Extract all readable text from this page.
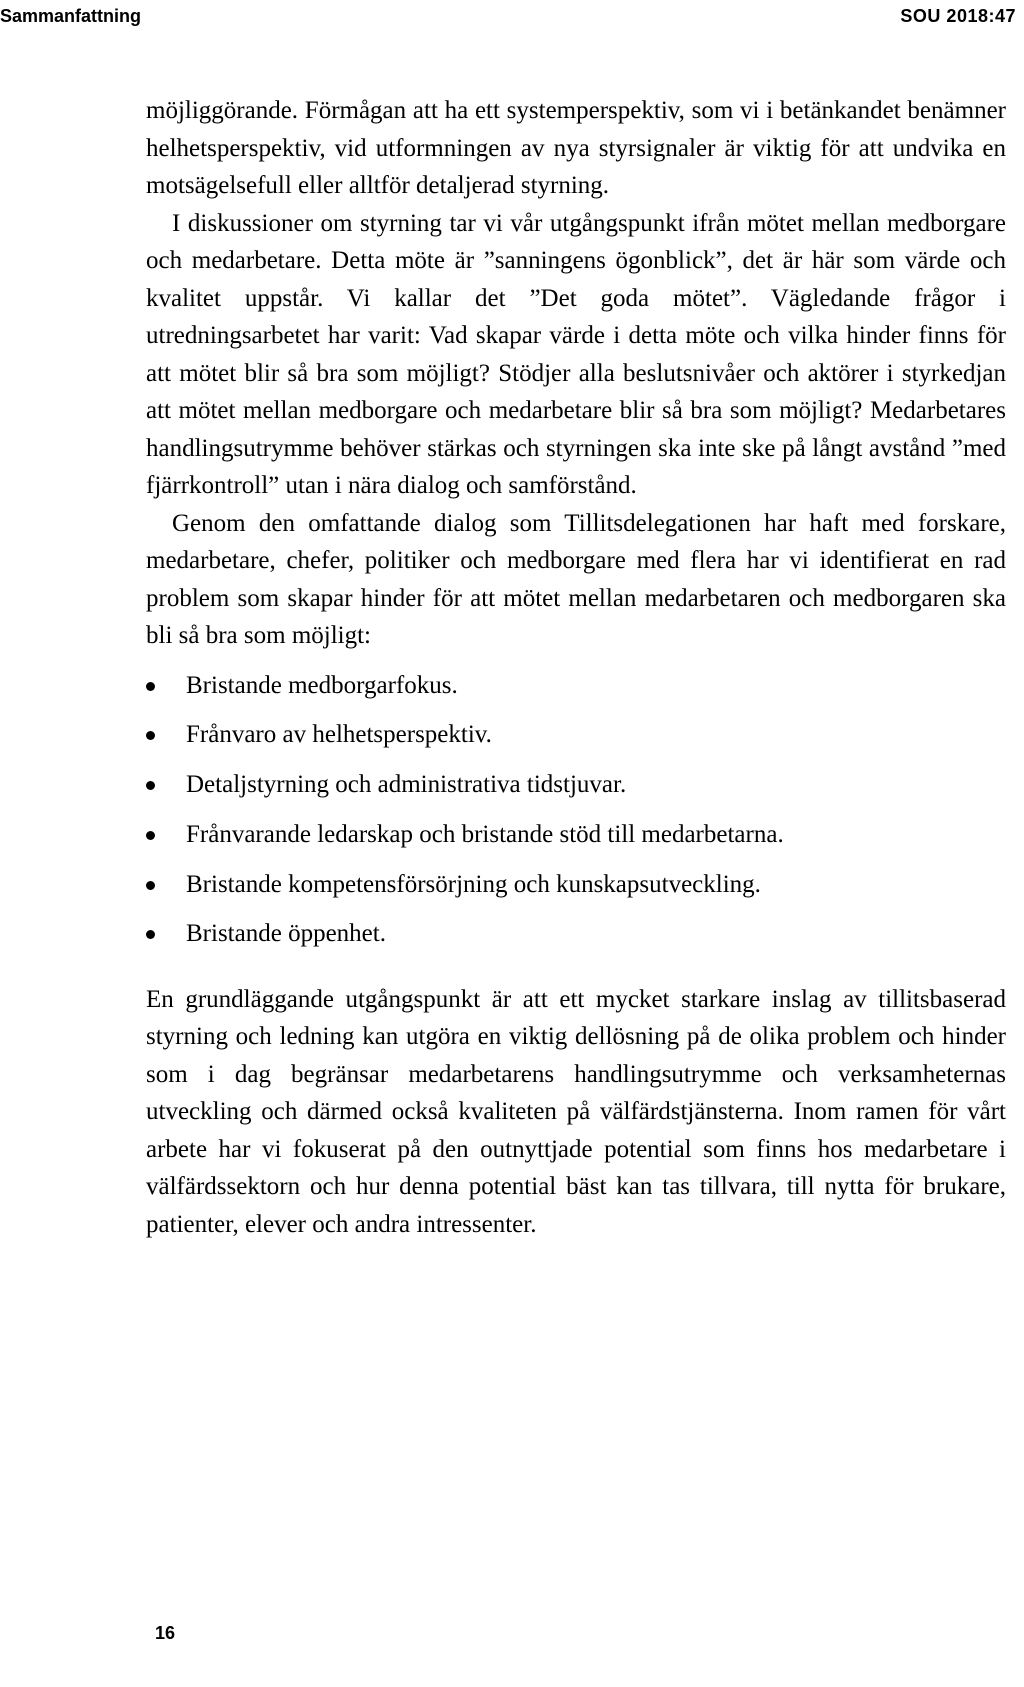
Sammanfattning	SOU 2018:47

möjliggörande. Förmågan att ha ett systemperspektiv, som vi i betänkandet benämner helhetsperspektiv, vid utformningen av nya styrsignaler är viktig för att undvika en motsägelsefull eller alltför detaljerad styrning.

I diskussioner om styrning tar vi vår utgångspunkt ifrån mötet mellan medborgare och medarbetare. Detta möte är ”sanningens ögonblick”, det är här som värde och kvalitet uppstår. Vi kallar det ”Det goda mötet”. Vägledande frågor i utredningsarbetet har varit: Vad skapar värde i detta möte och vilka hinder finns för att mötet blir så bra som möjligt? Stödjer alla beslutsnivåer och aktörer i styrkedjan att mötet mellan medborgare och medarbetare blir så bra som möjligt? Medarbetares handlingsutrymme behöver stärkas och styrningen ska inte ske på långt avstånd ”med fjärrkontroll” utan i nära dialog och samförstånd.

Genom den omfattande dialog som Tillitsdelegationen har haft med forskare, medarbetare, chefer, politiker och medborgare med flera har vi identifierat en rad problem som skapar hinder för att mötet mellan medarbetaren och medborgaren ska bli så bra som möjligt:

Bristande medborgarfokus.
Frånvaro av helhetsperspektiv.
Detaljstyrning och administrativa tidstjuvar.
Frånvarande ledarskap och bristande stöd till medarbetarna.
Bristande kompetensförsörjning och kunskapsutveckling.
Bristande öppenhet.

En grundläggande utgångspunkt är att ett mycket starkare inslag av tillitsbaserad styrning och ledning kan utgöra en viktig dellösning på de olika problem och hinder som i dag begränsar medarbetarens handlingsutrymme och verksamheternas utveckling och därmed också kvaliteten på välfärdstjänsterna. Inom ramen för vårt arbete har vi fokuserat på den outnyttjade potential som finns hos medarbetare i välfärdssektorn och hur denna potential bäst kan tas tillvara, till nytta för brukare, patienter, elever och andra intressenter.

16
